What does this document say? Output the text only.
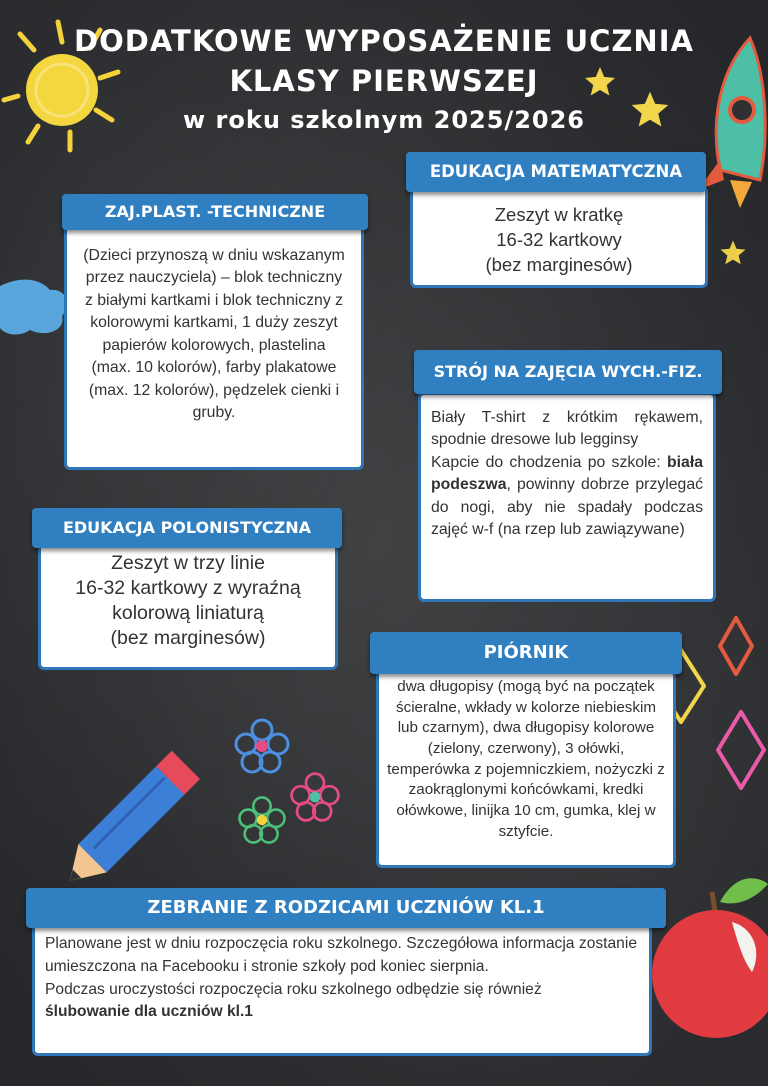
DODATKOWE WYPOSAŻENIE UCZNIA
KLASY PIERWSZEJ
w roku szkolnym 2025/2026
Zeszyt w kratkę
16-32 kartkowy
(bez marginesów)
EDUKACJA MATEMATYCZNA
(Dzieci przynoszą w dniu wskazanym przez nauczyciela) – blok techniczny z białymi kartkami i blok techniczny z kolorowymi kartkami, 1 duży zeszyt papierów kolorowych, plastelina (max. 10 kolorów), farby plakatowe (max. 12 kolorów), pędzelek cienki i gruby.
ZAJ.PLAST. -TECHNICZNE
Biały T-shirt z krótkim rękawem, spodnie dresowe lub legginsy
Kapcie do chodzenia po szkole: biała podeszwa, powinny dobrze przylegać do nogi, aby nie spadały podczas zajęć w-f (na rzep lub zawiązywane)
STRÓJ NA ZAJĘCIA WYCH.-FIZ.
Zeszyt w trzy linie
16-32 kartkowy z wyraźną
kolorową liniaturą
(bez marginesów)
EDUKACJA POLONISTYCZNA
dwa długopisy (mogą być na początek ścieralne, wkłady w kolorze niebieskim lub czarnym), dwa długopisy kolorowe (zielony, czerwony), 3 ołówki, temperówka z pojemniczkiem, nożyczki z zaokrąglonymi końcówkami, kredki ołówkowe, linijka 10 cm, gumka, klej w sztyfcie.
PIÓRNIK
Planowane jest w dniu rozpoczęcia roku szkolnego. Szczegółowa informacja zostanie umieszczona na Facebooku i stronie szkoły pod koniec sierpnia.
Podczas uroczystości rozpoczęcia roku szkolnego odbędzie się również
ślubowanie dla uczniów kl.1
ZEBRANIE Z RODZICAMI UCZNIÓW KL.1
